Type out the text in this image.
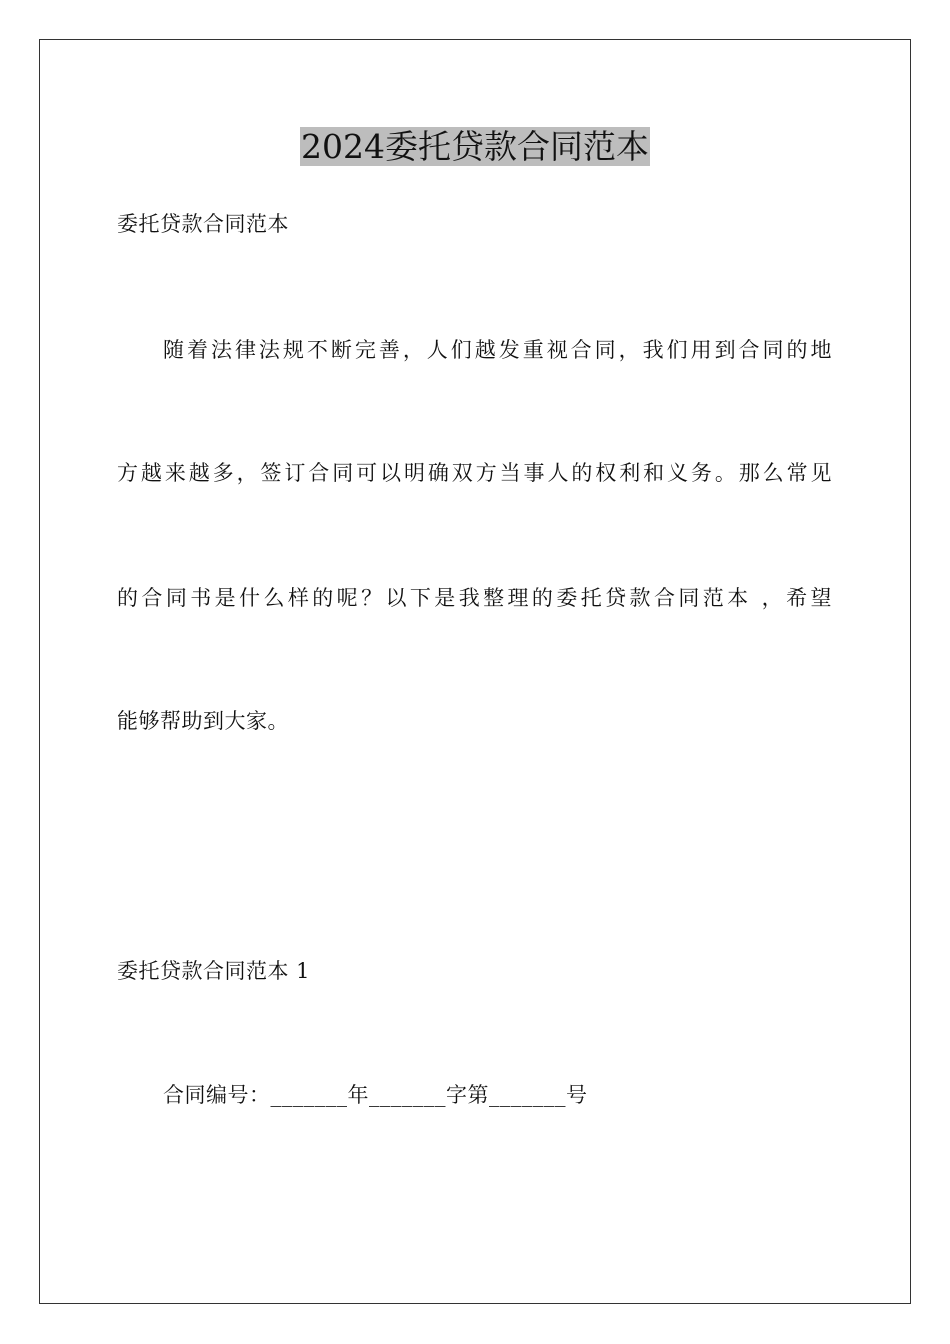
2024委托贷款合同范本

委托贷款合同范本

随着法律法规不断完善，人们越发重视合同，我们用到合同的地

方越来越多，签订合同可以明确双方当事人的权利和义务。那么常见

的合同书是什么样的呢？以下是我整理的委托贷款合同范本 ，希望

能够帮助到大家。

委托贷款合同范本 1

合同编号：_______年_______字第_______号
